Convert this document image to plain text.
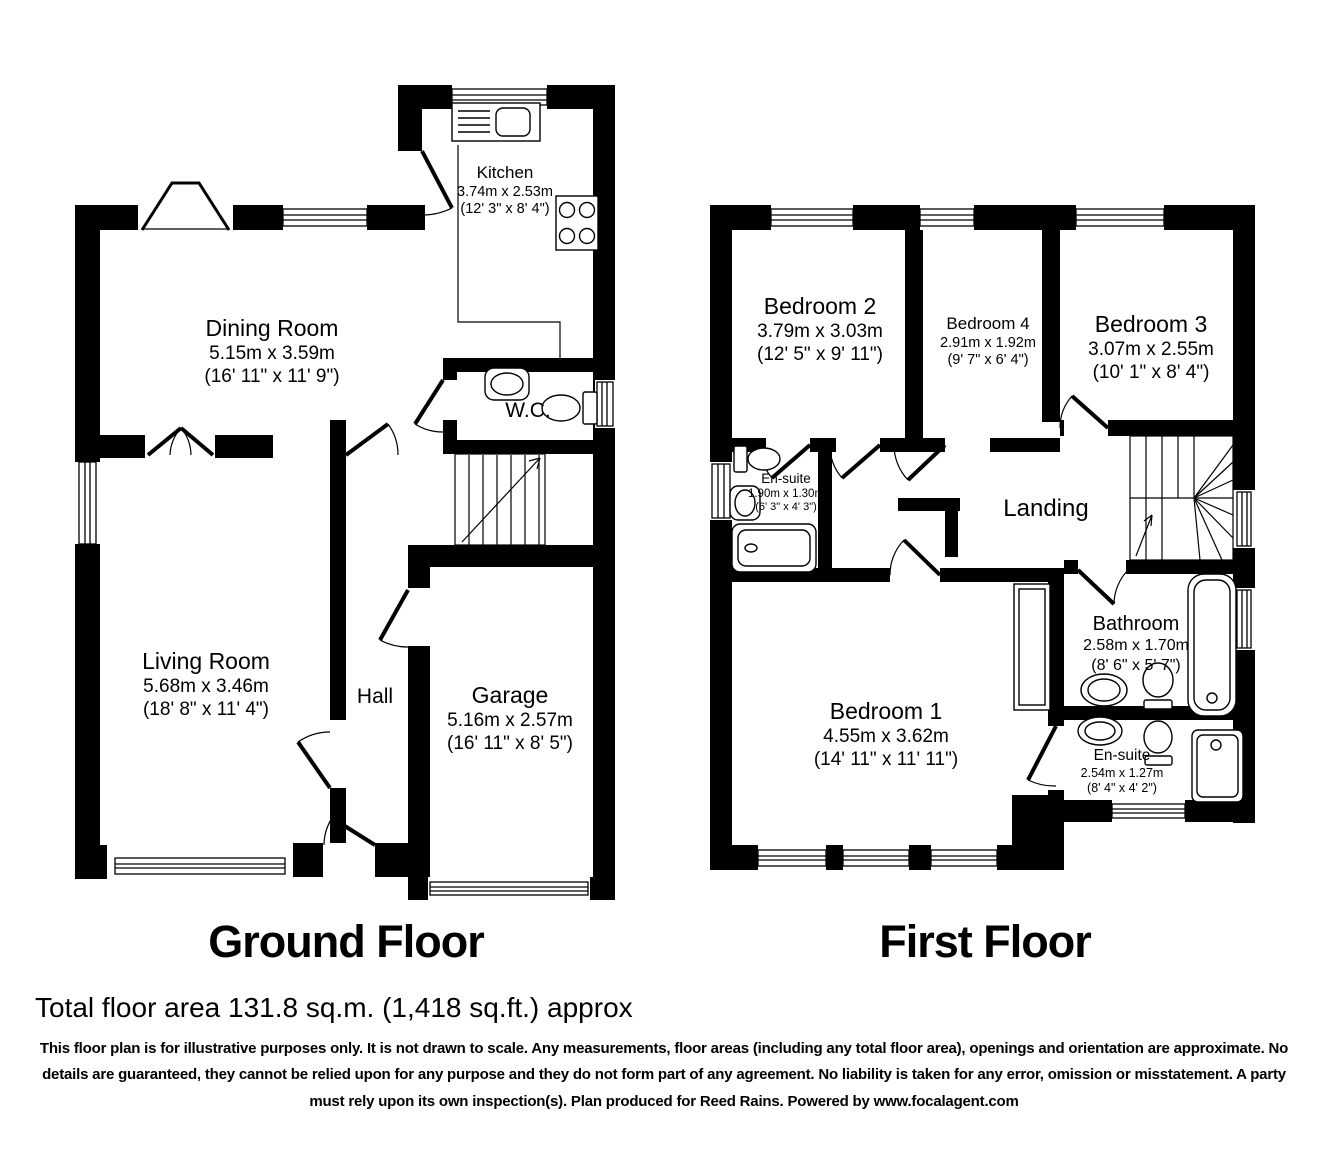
Kitchen
3.74m x 2.53m
(12' 3" x 8' 4")
Dining Room
5.15m x 3.59m
(16' 11" x 11' 9")
W.C.
Living Room
5.68m x 3.46m
(18' 8" x 11' 4")
Hall	Garage
5.16m x 2.57m
(16' 11" x 8' 5")
Bedroom 2
3.79m x 3.03m
(12' 5" x 9' 11")
Bedroom 4
2.91m x 1.92m
(9' 7" x 6' 4")
Bedroom 3
3.07m x 2.55m
(10' 1" x 8' 4")
En-suite
1.90m x 1.30m
(6' 3" x 4' 3")	Landing
Bathroom
2.58m x 1.70m
(8' 6" x 5' 7")
Bedroom 1
4.55m x 3.62m
(14' 11" x 11' 11")	En-suite
2.54m x 1.27m
(8' 4" x 4' 2")
Ground Floor	First Floor
Total floor area 131.8 sq.m. (1,418 sq.ft.) approx
This floor plan is for illustrative purposes only. It is not drawn to scale. Any measurements, floor areas (including any total floor area), openings and orientation are approximate. No details are guaranteed, they cannot be relied upon for any purpose and they do not form part of any agreement. No liability is taken for any error, omission or misstatement. A party must rely upon its own inspection(s). Plan produced for Reed Rains. Powered by www.focalagent.com
